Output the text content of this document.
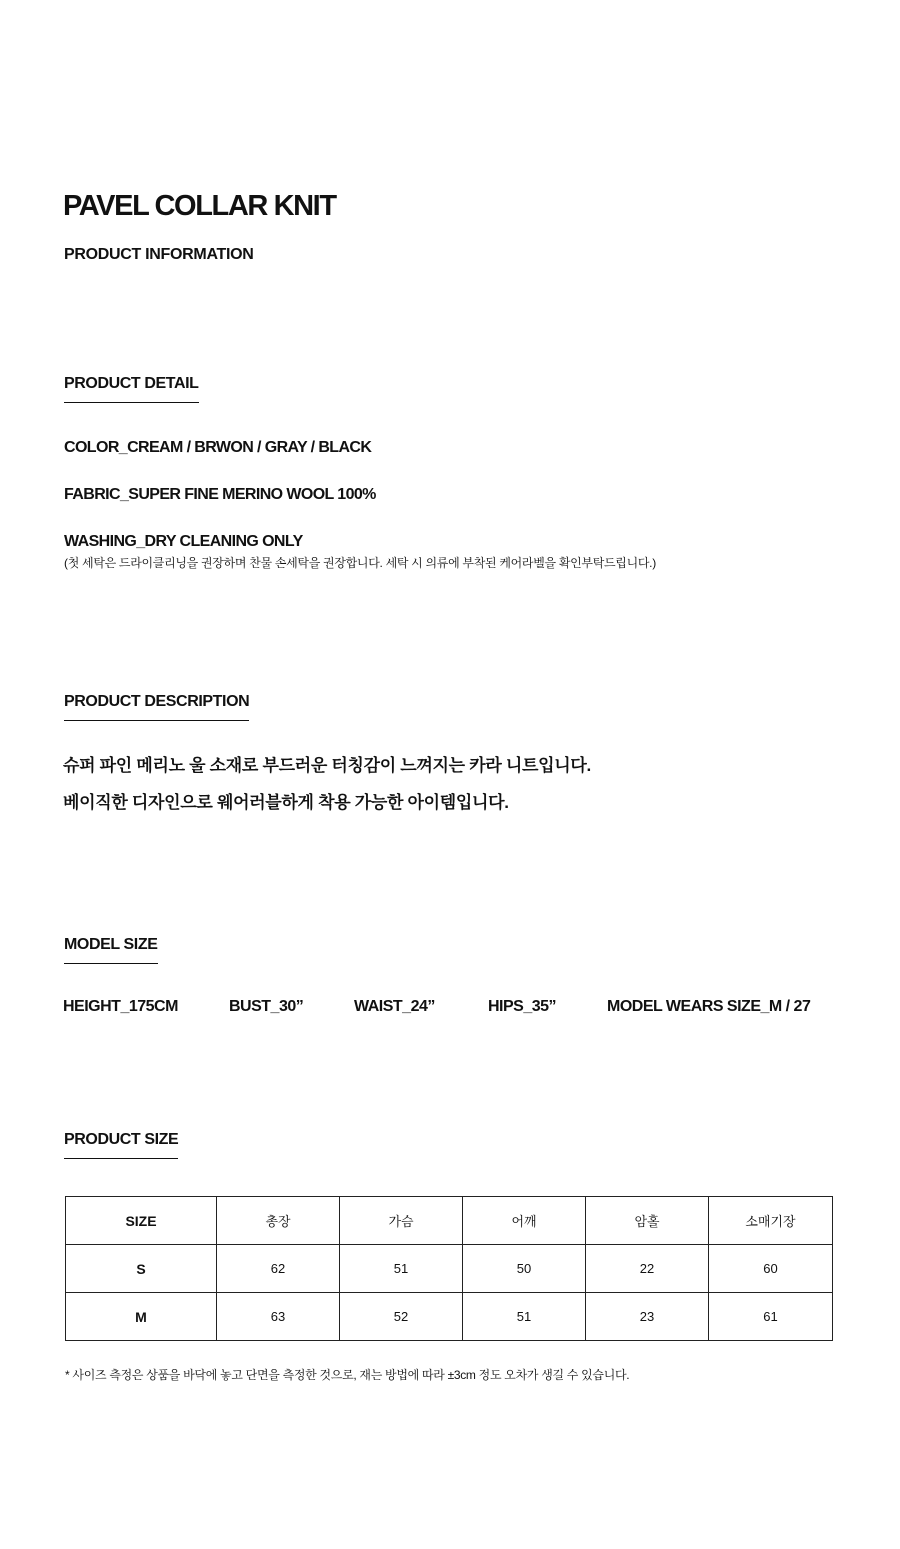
PAVEL COLLAR KNIT
PRODUCT INFORMATION
PRODUCT DETAIL
COLOR_CREAM / BRWON / GRAY / BLACK
FABRIC_SUPER FINE MERINO WOOL 100%
WASHING_DRY CLEANING ONLY
(첫 세탁은 드라이클리닝을 권장하며 찬물 손세탁을 권장합니다. 세탁 시 의류에 부착된 케어라벨을 확인부탁드립니다.)
PRODUCT DESCRIPTION
슈퍼 파인 메리노 울 소재로 부드러운 터칭감이 느껴지는 카라 니트입니다.
베이직한 디자인으로 웨어러블하게 착용 가능한 아이템입니다.
MODEL SIZE
HEIGHT_175CM	BUST_30”	WAIST_24”	HIPS_35”	MODEL WEARS SIZE_M / 27
PRODUCT SIZE
SIZE	총장	가슴	어깨	암홀	소매기장
S	62	51	50	22	60
M	63	52	51	23	61
* 사이즈 측정은 상품을 바닥에 놓고 단면을 측정한 것으로, 재는 방법에 따라 ±3cm 정도 오차가 생길 수 있습니다.
